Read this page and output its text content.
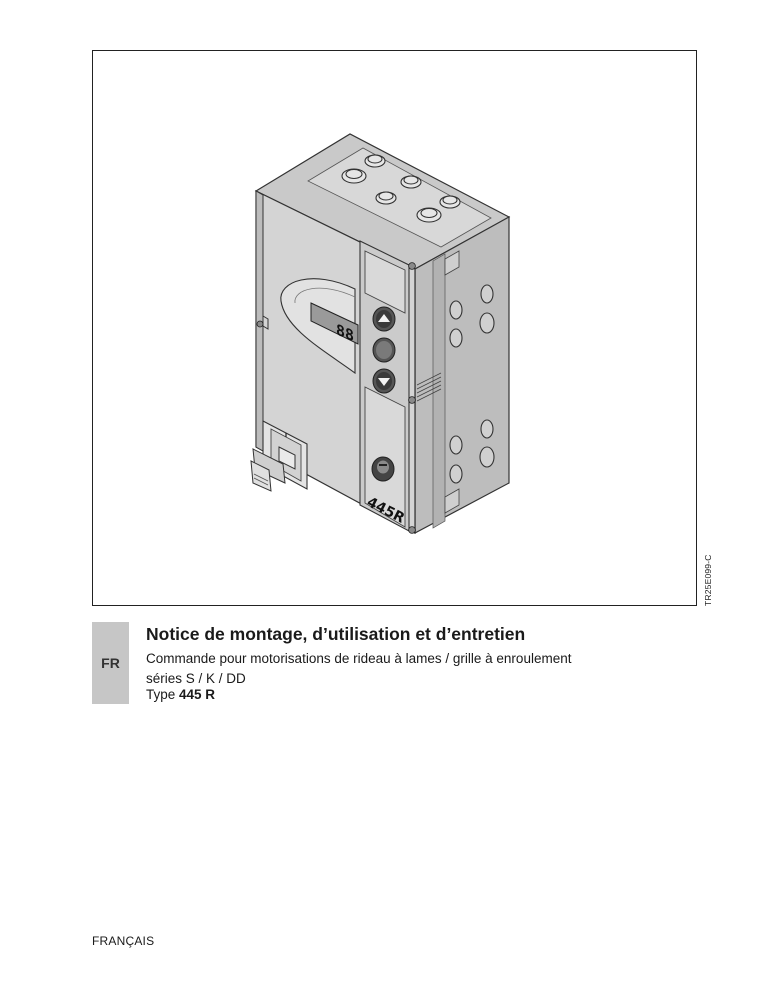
88
445R
TR25E099-C
FR
Notice de montage, d’utilisation et d’entretien
Commande pour motorisations de rideau à lames / grille à enroulement
séries S / K / DD
Type 445 R
FRANÇAIS
